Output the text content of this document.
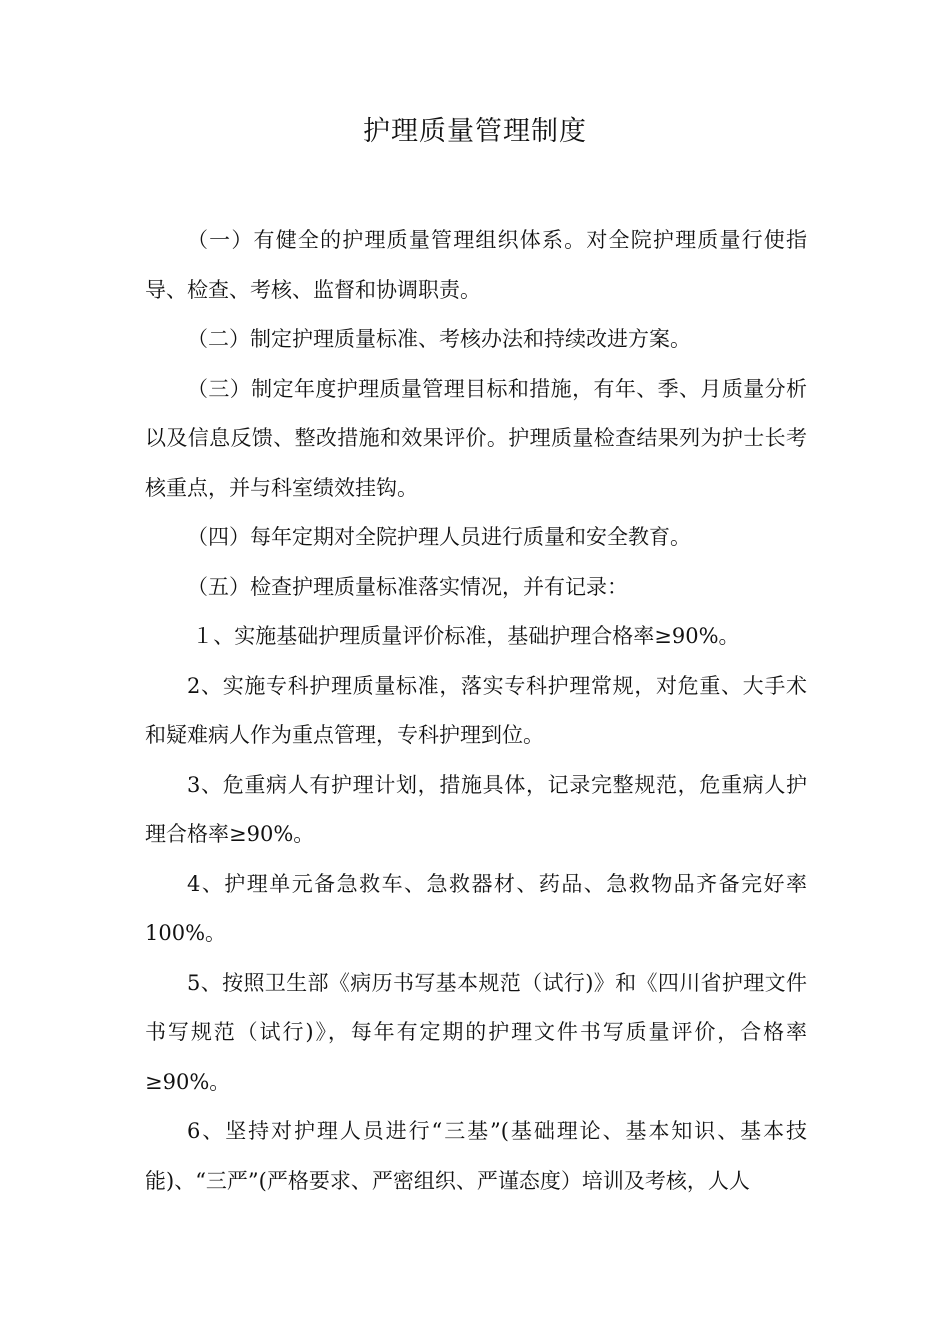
护理质量管理制度

（一）有健全的护理质量管理组织体系。对全院护理质量行使指导、检查、考核、监督和协调职责。

（二）制定护理质量标准、考核办法和持续改进方案。

（三）制定年度护理质量管理目标和措施，有年、季、月质量分析以及信息反馈、整改措施和效果评价。护理质量检查结果列为护士长考核重点，并与科室绩效挂钩。

（四）每年定期对全院护理人员进行质量和安全教育。

（五）检查护理质量标准落实情况，并有记录：

１、实施基础护理质量评价标准，基础护理合格率≥90%。

2、实施专科护理质量标准，落实专科护理常规，对危重、大手术和疑难病人作为重点管理，专科护理到位。

3、危重病人有护理计划，措施具体，记录完整规范，危重病人护理合格率≥90%。

4、护理单元备急救车、急救器材、药品、急救物品齐备完好率100%。

5、按照卫生部《病历书写基本规范（试行)》和《四川省护理文件书写规范（试行)》，每年有定期的护理文件书写质量评价，合格率≥90%。

6、坚持对护理人员进行“三基”(基础理论、基本知识、基本技能)、“三严”(严格要求、严密组织、严谨态度）培训及考核，人人
